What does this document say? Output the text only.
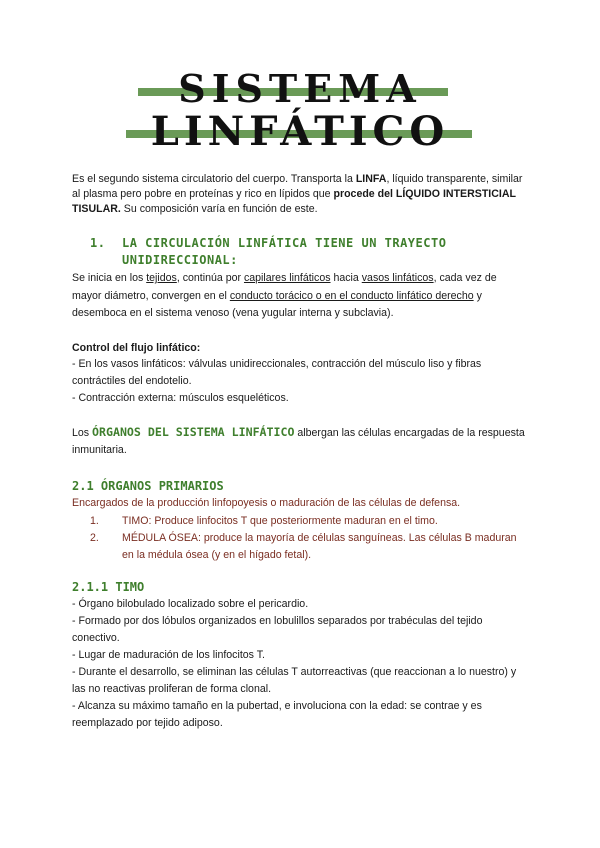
SISTEMA
LINFÁTICO

Es el segundo sistema circulatorio del cuerpo. Transporta la LINFA, líquido transparente, similar al plasma pero pobre en proteínas y rico en lípidos que procede del LÍQUIDO INTERSTICIAL TISULAR. Su composición varía en función de este.

1.	LA CIRCULACIÓN LINFÁTICA TIENE UN TRAYECTO UNIDIRECCIONAL:

Se inicia en los tejidos, continúa por capilares linfáticos hacia vasos linfáticos, cada vez de mayor diámetro, convergen en el conducto torácico o en el conducto linfático derecho y desemboca en el sistema venoso (vena yugular interna y subclavia).

Control del flujo linfático:

- En los vasos linfáticos: válvulas unidireccionales, contracción del músculo liso y fibras contráctiles del endotelio.

- Contracción externa: músculos esqueléticos.

Los ÓRGANOS DEL SISTEMA LINFÁTICO albergan las células encargadas de la respuesta inmunitaria.

2.1 ÓRGANOS PRIMARIOS

Encargados de la producción linfopoyesis o maduración de las células de defensa.

1.	TIMO: Produce linfocitos T que posteriormente maduran en el timo.
2.	MÉDULA ÓSEA: produce la mayoría de células sanguíneas. Las células B maduran en la médula ósea (y en el hígado fetal).

2.1.1 TIMO

- Órgano bilobulado localizado sobre el pericardio.

- Formado por dos lóbulos organizados en lobulillos separados por trabéculas del tejido conectivo.

- Lugar de maduración de los linfocitos T.

- Durante el desarrollo, se eliminan las células T autorreactivas (que reaccionan a lo nuestro) y las no reactivas proliferan de forma clonal.

- Alcanza su máximo tamaño en la pubertad, e involuciona con la edad: se contrae y es reemplazado por tejido adiposo.
